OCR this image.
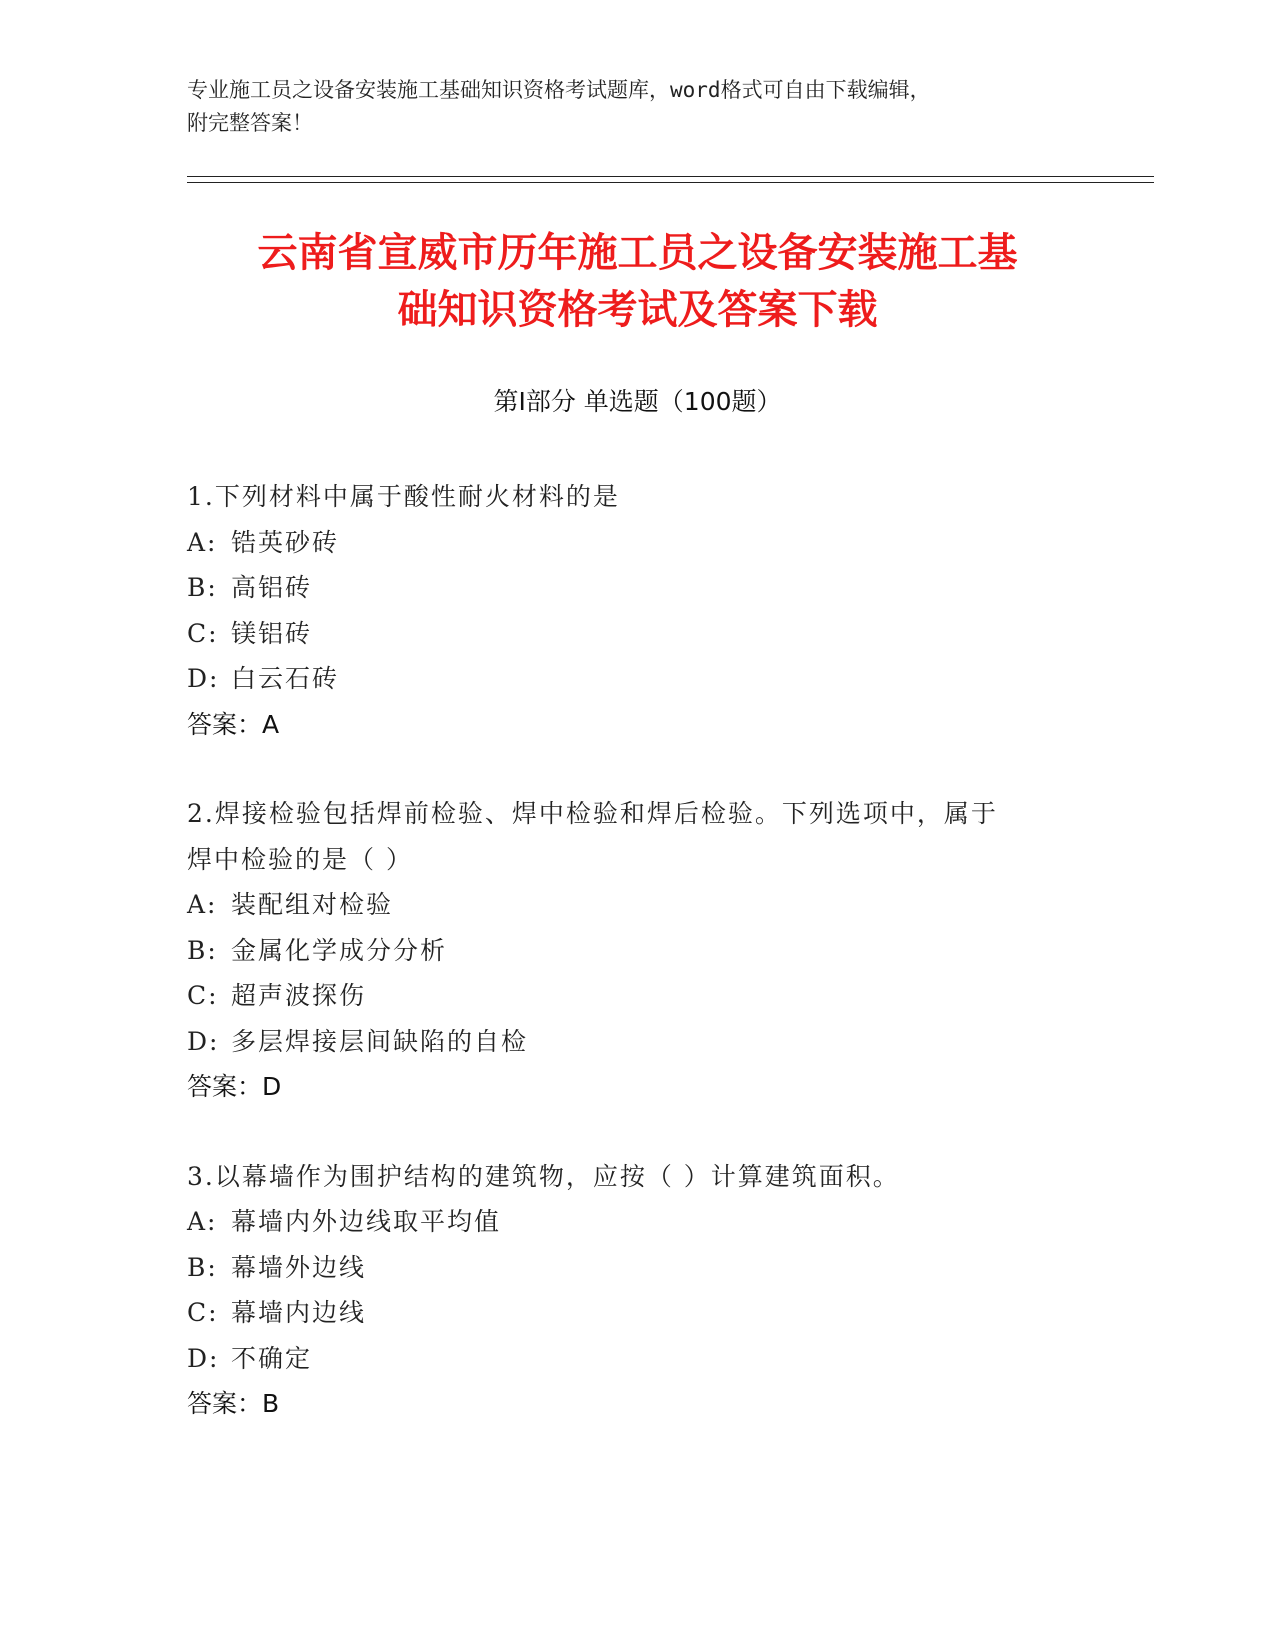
专业施工员之设备安装施工基础知识资格考试题库，word格式可自由下载编辑，
附完整答案！
云南省宣威市历年施工员之设备安装施工基
础知识资格考试及答案下载
第Ⅰ部分 单选题（100题）
1.下列材料中属于酸性耐火材料的是
A: 锆英砂砖
B: 高铝砖
C: 镁铝砖
D: 白云石砖
答案：A
2.焊接检验包括焊前检验、焊中检验和焊后检验。下列选项中，属于
焊中检验的是（ ）
A: 装配组对检验
B: 金属化学成分分析
C: 超声波探伤
D: 多层焊接层间缺陷的自检
答案：D
3.以幕墙作为围护结构的建筑物，应按（ ）计算建筑面积。
A: 幕墙内外边线取平均值
B: 幕墙外边线
C: 幕墙内边线
D: 不确定
答案：B
